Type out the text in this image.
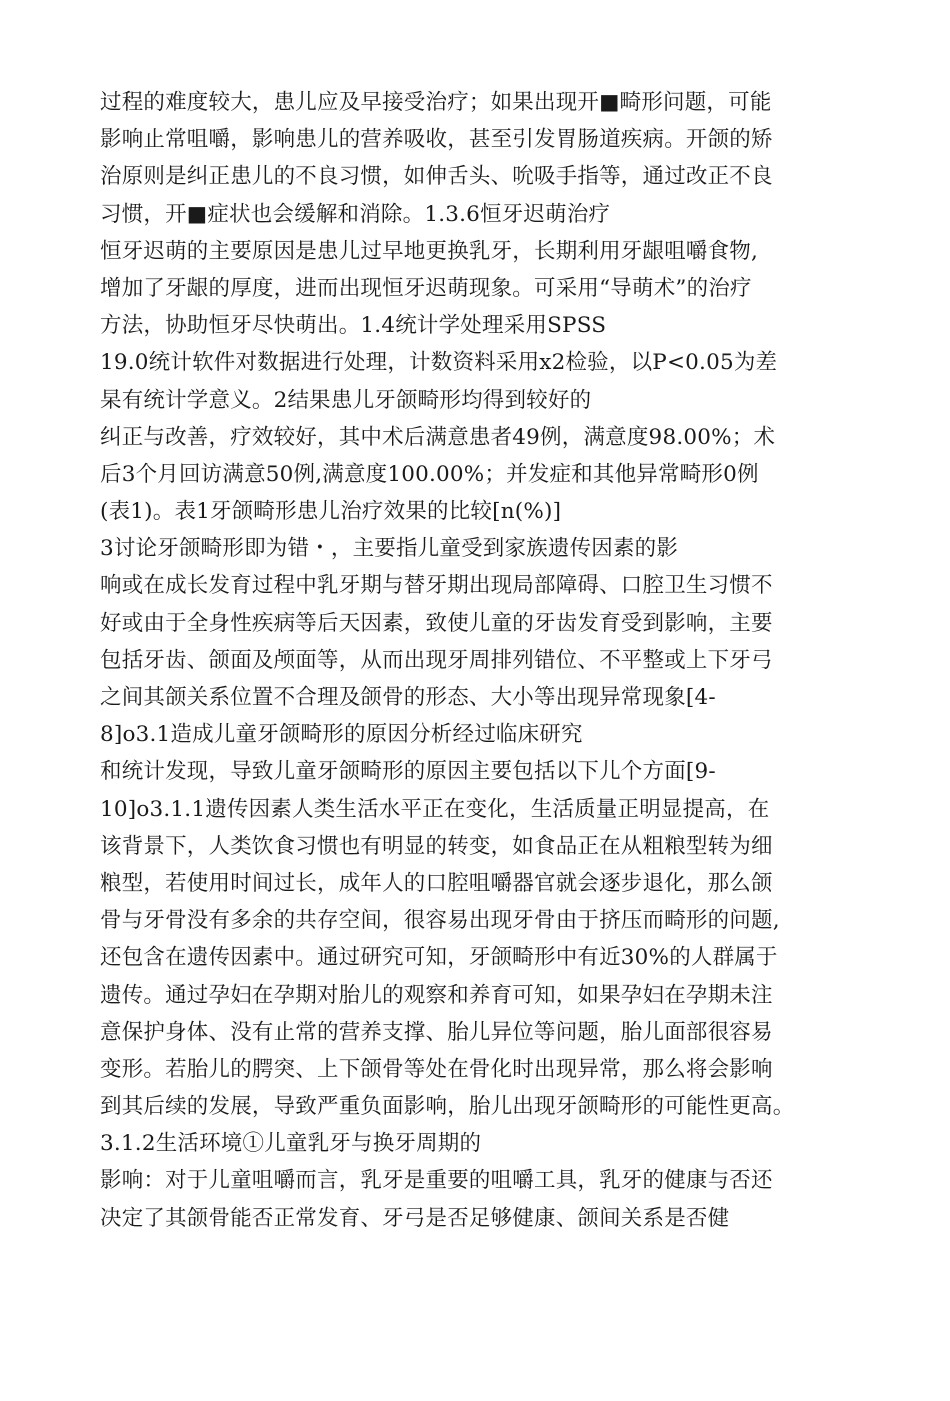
过程的难度较大，患儿应及早接受治疗；如果出现开■畸形问题，可能
影响止常咀嚼，影响患儿的营养吸收，甚至引发胃肠道疾病。开颌的矫
治原则是纠正患儿的不良习惯，如伸舌头、吮吸手指等，通过改正不良
习惯，开■症状也会缓解和消除。1.3.6恒牙迟萌治疗
恒牙迟萌的主要原因是患儿过早地更换乳牙，长期利用牙龈咀嚼食物,
增加了牙龈的厚度，进而出现恒牙迟萌现象。可采用“导萌术”的治疗
方法，协助恒牙尽快萌出。1.4统计学处理采用SPSS
19.0统计软件对数据进行处理，计数资料采用x2检验，以P<0.05为差
杲有统计学意义。2结果患儿牙颌畸形均得到较好的
纠正与改善，疗效较好，其中术后满意患者49例，满意度98.00%；术
后3个月回访满意50例,满意度100.00%；并发症和其他异常畸形0例
(表1)。表1牙颌畸形患儿治疗效果的比较[n(%)]
3讨论牙颌畸形即为错・，主要指儿童受到家族遗传因素的影
响或在成长发育过程中乳牙期与替牙期出现局部障碍、口腔卫生习惯不
好或由于全身性疾病等后天因素，致使儿童的牙齿发育受到影响，主要
包括牙齿、颌面及颅面等，从而出现牙周排列错位、不平整或上下牙弓
之间其颌关系位置不合理及颌骨的形态、大小等出现异常现象[4-
8]o3.1造成儿童牙颌畸形的原因分析经过临床研究
和统计发现，导致儿童牙颌畸形的原因主要包括以下儿个方面[9-
10]o3.1.1遗传因素人类生活水平正在变化，生活质量正明显提高，在
该背景下，人类饮食习惯也有明显的转变，如食品正在从粗粮型转为细
粮型，若使用时间过长，成年人的口腔咀嚼器官就会逐步退化，那么颌
骨与牙骨没有多余的共存空间，很容易出现牙骨由于挤压而畸形的问题,
还包含在遗传因素中。通过研究可知，牙颌畸形中有近30%的人群属于
遗传。通过孕妇在孕期对胎儿的观察和养育可知，如果孕妇在孕期未注
意保护身体、没有止常的营养支撑、胎儿异位等问题，胎儿面部很容易
变形。若胎儿的腭突、上下颌骨等处在骨化时出现异常，那么将会影响
到其后续的发展，导致严重负面影响，胎儿出现牙颌畸形的可能性更高。
3.1.2生活环境①儿童乳牙与换牙周期的
影响：对于儿童咀嚼而言，乳牙是重要的咀嚼工具，乳牙的健康与否还
决定了其颌骨能否正常发育、牙弓是否足够健康、颌间关系是否健
